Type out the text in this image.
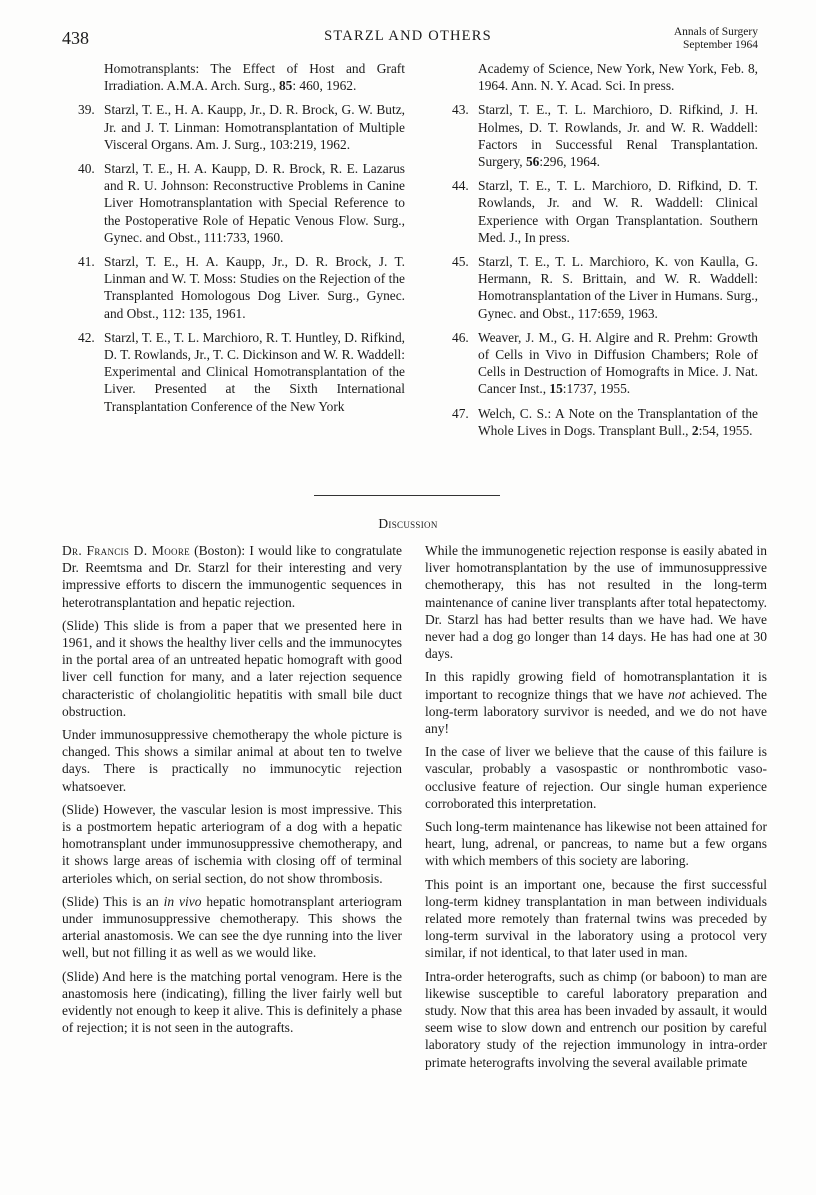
438	STARZL AND OTHERS	Annals of Surgery
September 1964
Homotransplants: The Effect of Host and Graft Irradiation. A.M.A. Arch. Surg., 85: 460, 1962.
39. Starzl, T. E., H. A. Kaupp, Jr., D. R. Brock, G. W. Butz, Jr. and J. T. Linman: Homotransplantation of Multiple Visceral Organs. Am. J. Surg., 103:219, 1962.
40. Starzl, T. E., H. A. Kaupp, D. R. Brock, R. E. Lazarus and R. U. Johnson: Reconstructive Problems in Canine Liver Homotransplantation with Special Reference to the Postoperative Role of Hepatic Venous Flow. Surg., Gynec. and Obst., 111:733, 1960.
41. Starzl, T. E., H. A. Kaupp, Jr., D. R. Brock, J. T. Linman and W. T. Moss: Studies on the Rejection of the Transplanted Homologous Dog Liver. Surg., Gynec. and Obst., 112: 135, 1961.
42. Starzl, T. E., T. L. Marchioro, R. T. Huntley, D. Rifkind, D. T. Rowlands, Jr., T. C. Dickinson and W. R. Waddell: Experimental and Clinical Homotransplantation of the Liver. Presented at the Sixth International Transplantation Conference of the New York
Academy of Science, New York, New York, Feb. 8, 1964. Ann. N. Y. Acad. Sci. In press.
43. Starzl, T. E., T. L. Marchioro, D. Rifkind, J. H. Holmes, D. T. Rowlands, Jr. and W. R. Waddell: Factors in Successful Renal Transplantation. Surgery, 56:296, 1964.
44. Starzl, T. E., T. L. Marchioro, D. Rifkind, D. T. Rowlands, Jr. and W. R. Waddell: Clinical Experience with Organ Transplantation. Southern Med. J., In press.
45. Starzl, T. E., T. L. Marchioro, K. von Kaulla, G. Hermann, R. S. Brittain, and W. R. Waddell: Homotransplantation of the Liver in Humans. Surg., Gynec. and Obst., 117:659, 1963.
46. Weaver, J. M., G. H. Algire and R. Prehm: Growth of Cells in Vivo in Diffusion Chambers; Role of Cells in Destruction of Homografts in Mice. J. Nat. Cancer Inst., 15:1737, 1955.
47. Welch, C. S.: A Note on the Transplantation of the Whole Lives in Dogs. Transplant Bull., 2:54, 1955.
Discussion

Dr. Francis D. Moore (Boston): I would like to congratulate Dr. Reemtsma and Dr. Starzl for their interesting and very impressive efforts to discern the immunogentic sequences in heterotransplantation and hepatic rejection.

(Slide) This slide is from a paper that we presented here in 1961, and it shows the healthy liver cells and the immunocytes in the portal area of an untreated hepatic homograft with good liver cell function for many, and a later rejection sequence characteristic of cholangiolitic hepatitis with small bile duct obstruction.

Under immunosuppressive chemotherapy the whole picture is changed. This shows a similar animal at about ten to twelve days. There is practically no immunocytic rejection whatsoever.

(Slide) However, the vascular lesion is most impressive. This is a postmortem hepatic arteriogram of a dog with a hepatic homotransplant under immunosuppressive chemotherapy, and it shows large areas of ischemia with closing off of terminal arterioles which, on serial section, do not show thrombosis.

(Slide) This is an in vivo hepatic homotransplant arteriogram under immunosuppressive chemotherapy. This shows the arterial anastomosis. We can see the dye running into the liver well, but not filling it as well as we would like.

(Slide) And here is the matching portal venogram. Here is the anastomosis here (indicating), filling the liver fairly well but evidently not enough to keep it alive. This is definitely a phase of rejection; it is not seen in the autografts.

While the immunogenetic rejection response is easily abated in liver homotransplantation by the use of immunosuppressive chemotherapy, this has not resulted in the long-term maintenance of canine liver transplants after total hepatectomy. Dr. Starzl has had better results than we have had. We have never had a dog go longer than 14 days. He has had one at 30 days.

In this rapidly growing field of homotransplantation it is important to recognize things that we have not achieved. The long-term laboratory survivor is needed, and we do not have any!

In the case of liver we believe that the cause of this failure is vascular, probably a vasospastic or nonthrombotic vaso-occlusive feature of rejection. Our single human experience corroborated this interpretation.

Such long-term maintenance has likewise not been attained for heart, lung, adrenal, or pancreas, to name but a few organs with which members of this society are laboring.

This point is an important one, because the first successful long-term kidney transplantation in man between individuals related more remotely than fraternal twins was preceded by long-term survival in the laboratory using a protocol very similar, if not identical, to that later used in man.

Intra-order heterografts, such as chimp (or baboon) to man are likewise susceptible to careful laboratory preparation and study. Now that this area has been invaded by assault, it would seem wise to slow down and entrench our position by careful laboratory study of the rejection immunology in intra-order primate heterografts involving the several available primate
